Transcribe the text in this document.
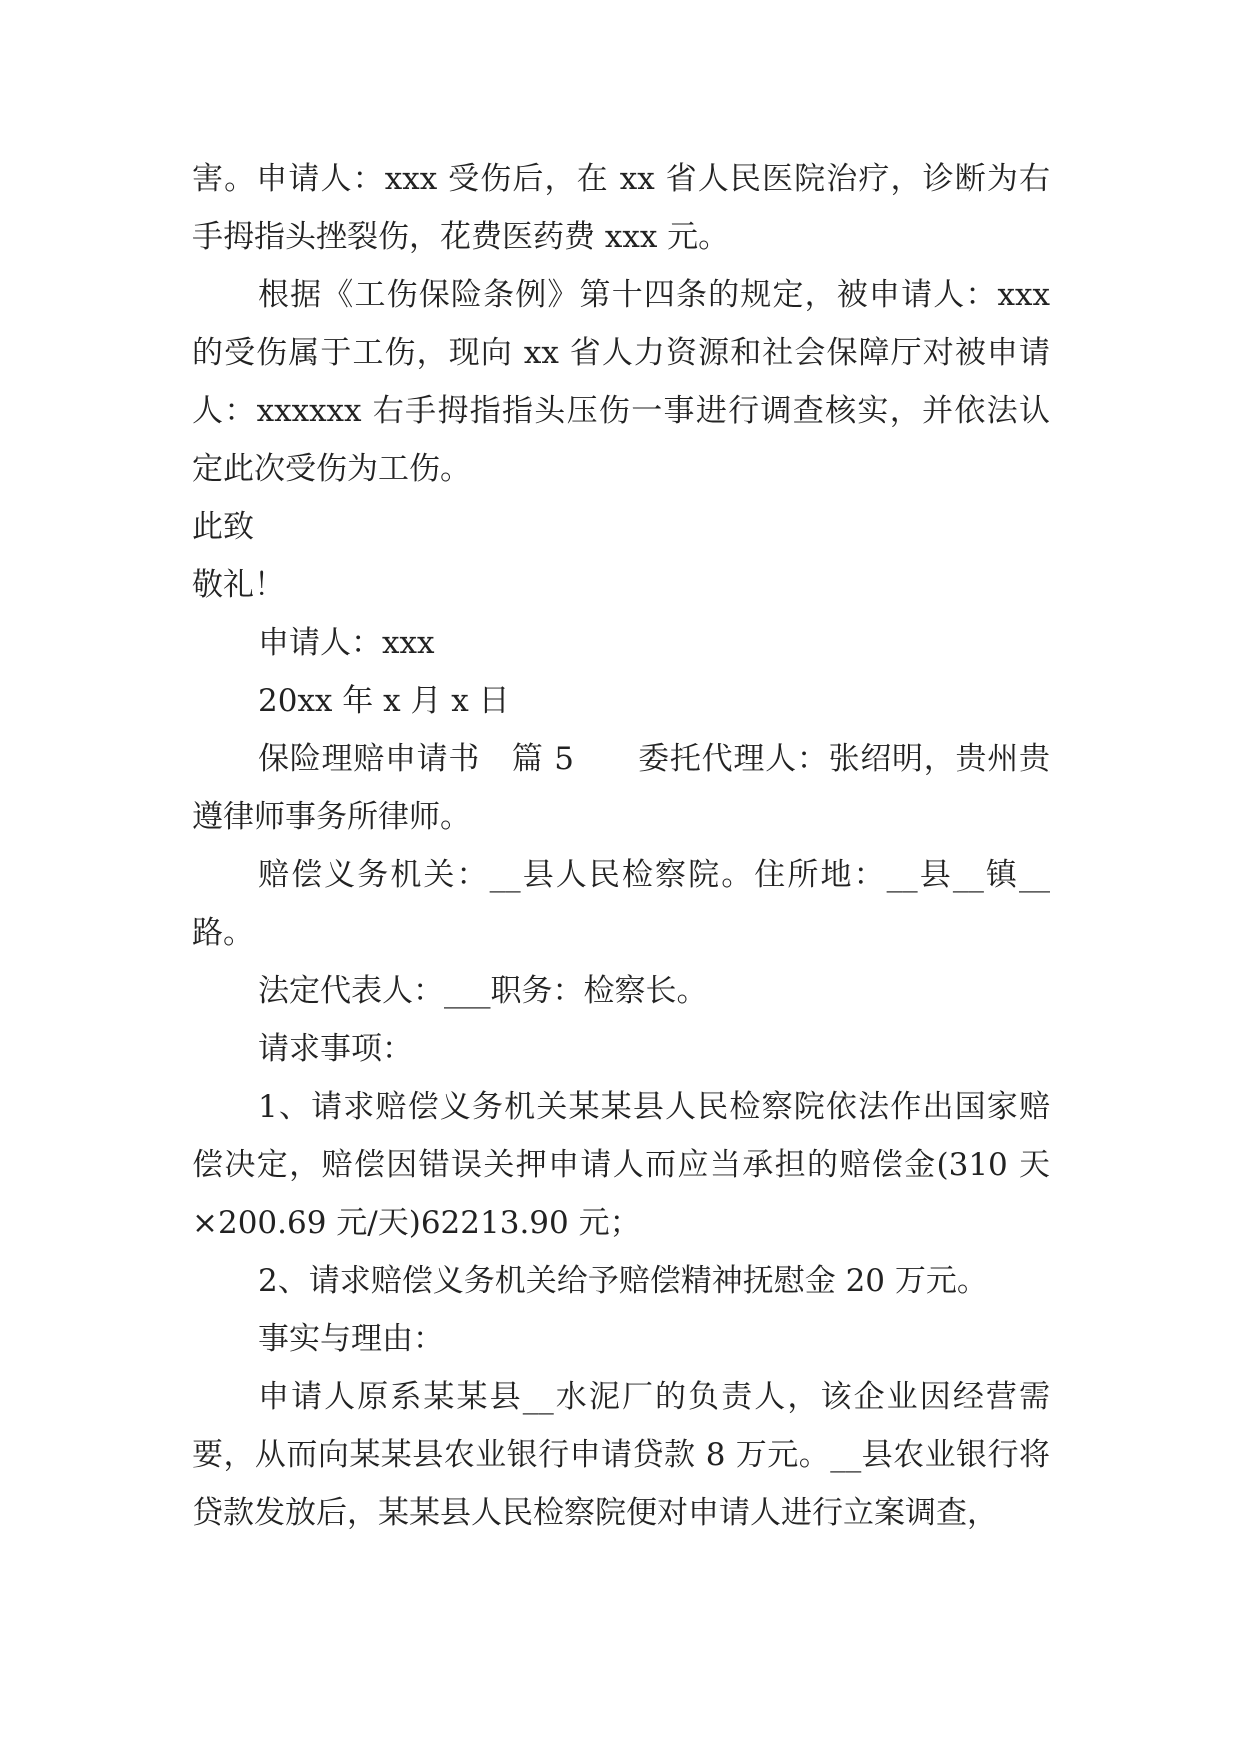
害。申请人：xxx 受伤后，在 xx 省人民医院治疗，诊断为右手拇指头挫裂伤，花费医药费 xxx 元。

根据《工伤保险条例》第十四条的规定，被申请人：xxx 的受伤属于工伤，现向 xx 省人力资源和社会保障厅对被申请人：xxxxxx 右手拇指指头压伤一事进行调查核实，并依法认定此次受伤为工伤。

此致

敬礼！

申请人：xxx

20xx 年 x 月 x 日

保险理赔申请书　篇 5　　委托代理人：张绍明，贵州贵遵律师事务所律师。

赔偿义务机关：__县人民检察院。住所地：__县__镇__路。

法定代表人：___职务：检察长。

请求事项：

1、请求赔偿义务机关某某县人民检察院依法作出国家赔偿决定，赔偿因错误关押申请人而应当承担的赔偿金(310 天×200.69 元/天)62213.90 元；

2、请求赔偿义务机关给予赔偿精神抚慰金 20 万元。

事实与理由：

申请人原系某某县__水泥厂的负责人，该企业因经营需要，从而向某某县农业银行申请贷款 8 万元。__县农业银行将贷款发放后，某某县人民检察院便对申请人进行立案调查，
